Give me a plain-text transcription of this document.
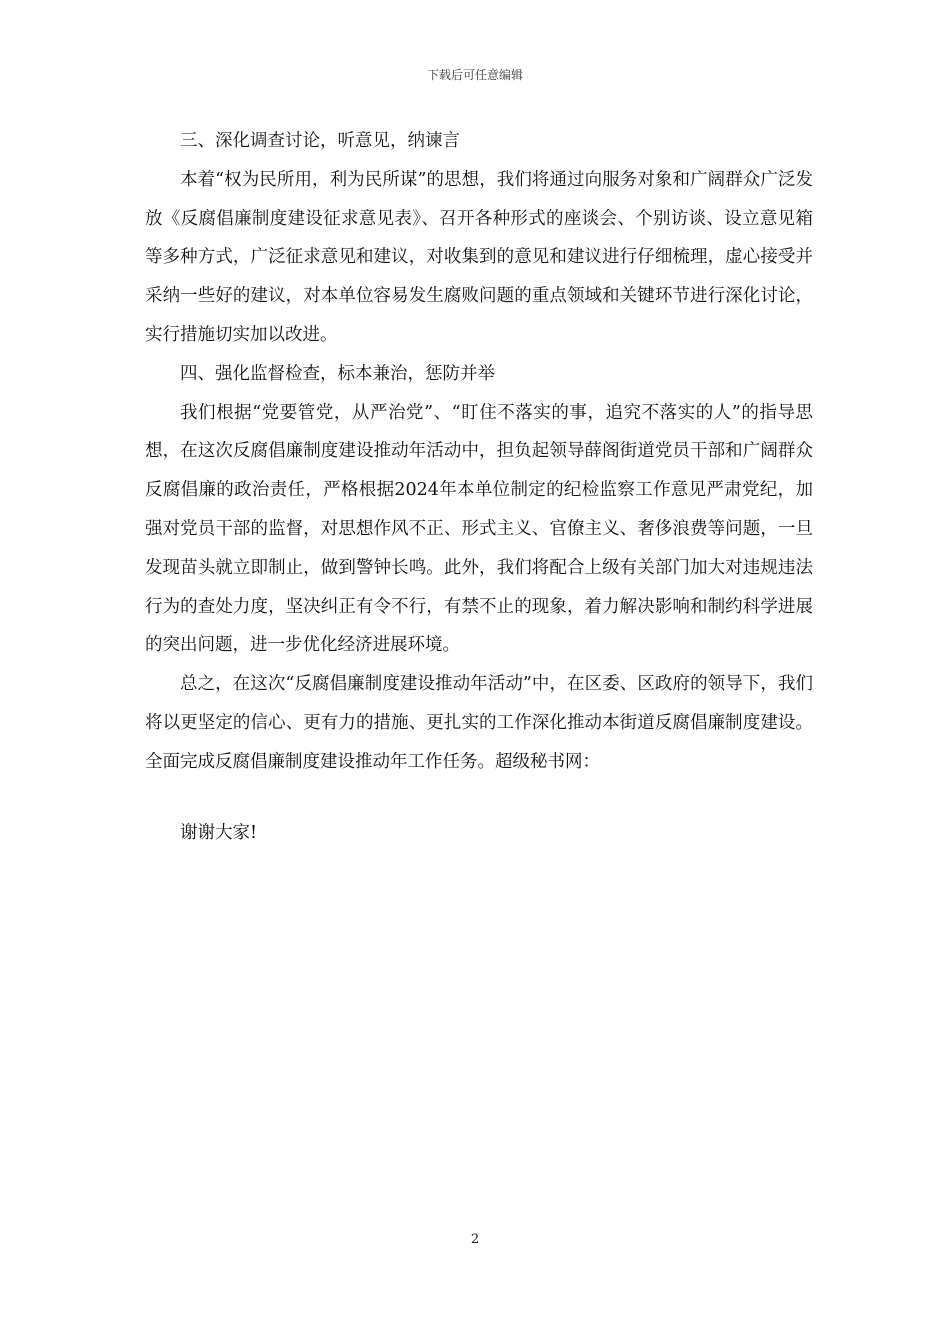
下载后可任意编辑

三、深化调查讨论，听意见，纳谏言

本着“权为民所用，利为民所谋”的思想，我们将通过向服务对象和广阔群众广泛发放《反腐倡廉制度建设征求意见表》、召开各种形式的座谈会、个别访谈、设立意见箱等多种方式，广泛征求意见和建议，对收集到的意见和建议进行仔细梳理，虚心接受并采纳一些好的建议，对本单位容易发生腐败问题的重点领域和关键环节进行深化讨论，实行措施切实加以改进。

四、强化监督检查，标本兼治，惩防并举

我们根据“党要管党，从严治党”、“盯住不落实的事，追究不落实的人”的指导思想，在这次反腐倡廉制度建设推动年活动中，担负起领导薛阁街道党员干部和广阔群众反腐倡廉的政治责任，严格根据2024年本单位制定的纪检监察工作意见严肃党纪，加强对党员干部的监督，对思想作风不正、形式主义、官僚主义、奢侈浪费等问题，一旦发现苗头就立即制止，做到警钟长鸣。此外，我们将配合上级有关部门加大对违规违法行为的查处力度，坚决纠正有令不行，有禁不止的现象，着力解决影响和制约科学进展的突出问题，进一步优化经济进展环境。

总之，在这次“反腐倡廉制度建设推动年活动”中，在区委、区政府的领导下，我们将以更坚定的信心、更有力的措施、更扎实的工作深化推动本街道反腐倡廉制度建设。全面完成反腐倡廉制度建设推动年工作任务。超级秘书网：

谢谢大家!

2
